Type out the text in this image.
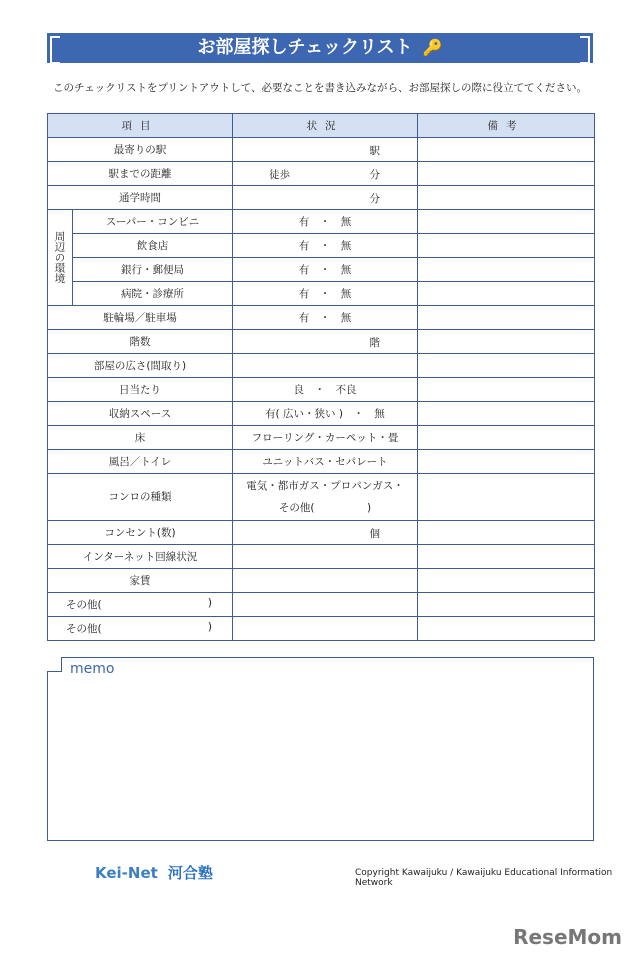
お部屋探しチェックリスト 🔑
このチェックリストをプリントアウトして、必要なことを書き込みながら、お部屋探しの際に役立ててください。
項目		状況	備考
最寄りの駅		駅	

駅までの距離		徒歩 分	

通学時間		分	

周辺の環境	スーパー・コンビニ	有　・　無	
	飲食店	有　・　無	
	銀行・郵便局	有　・　無	
	病院・診療所	有　・　無	
駐輪場／駐車場		有　・　無	
階数		階	

部屋の広さ(間取り)			
日当たり		良　・　不良	
収納スペース		有( 広い・狭い )　・　無	
床		フローリング・カーペット・畳	
風呂／トイレ		ユニットバス・セパレート	
コンロの種類		電気・都市ガス・プロパンガス・
その他(　　　　　)	

コンセント(数)		個	

インターネット回線状況			
家賃			

その他( )			

その他( )			

memo
Kei-Net 河合塾	Copyright Kawaijuku / Kawaijuku Educational Information Network
ReseMom
